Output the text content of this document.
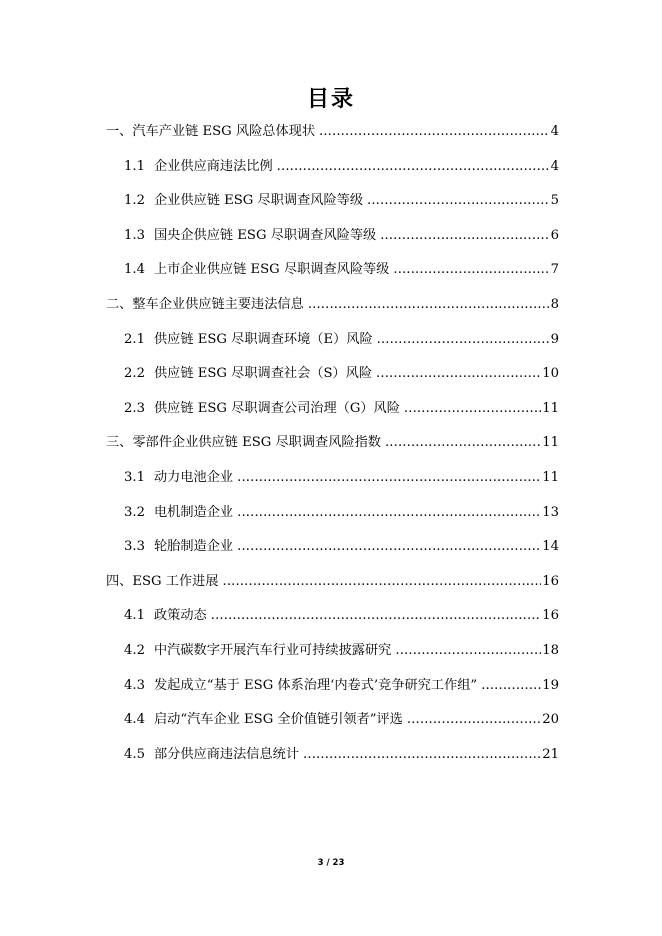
目录
一、汽车产业链 ESG 风险总体现状 .....	4
1.1 企业供应商违法比例 .....	4
1.2 企业供应链 ESG 尽职调查风险等级 .....	5
1.3 国央企供应链 ESG 尽职调查风险等级 .....	6
1.4 上市企业供应链 ESG 尽职调查风险等级 .....	7
二、整车企业供应链主要违法信息 .....	8
2.1 供应链 ESG 尽职调查环境（E）风险 .....	9
2.2 供应链 ESG 尽职调查社会（S）风险 .....	10
2.3 供应链 ESG 尽职调查公司治理（G）风险 .....	11
三、零部件企业供应链 ESG 尽职调查风险指数 .....	11
3.1 动力电池企业 .....	11
3.2 电机制造企业 .....	13
3.3 轮胎制造企业 .....	14
四、ESG 工作进展 .....	16
4.1 政策动态 .....	16
4.2 中汽碳数字开展汽车行业可持续披露研究 .....	18
4.3 发起成立“基于 ESG 体系治理‘内卷式’竞争研究工作组” .....	19
4.4 启动“汽车企业 ESG 全价值链引领者”评选 .....	20
4.5 部分供应商违法信息统计 .....	21
3 / 23
